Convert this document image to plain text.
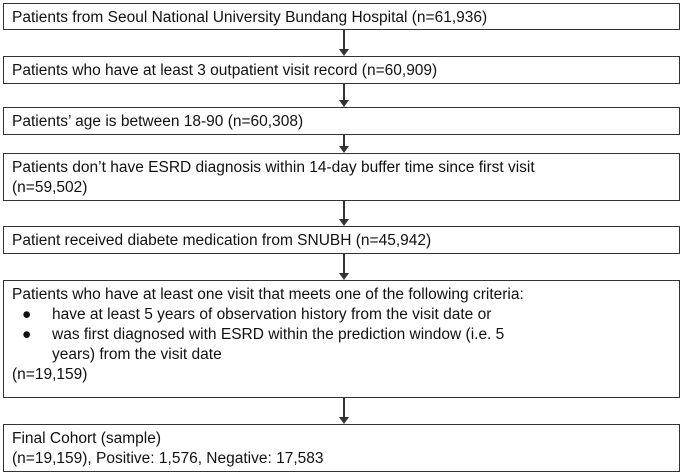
Patients from Seoul National University Bundang Hospital (n=61,936)
Patients who have at least 3 outpatient visit record (n=60,909)
Patients’ age is between 18-90 (n=60,308)
Patients don’t have ESRD diagnosis within 14-day buffer time since first visit
(n=59,502)
Patient received diabete medication from SNUBH (n=45,942)
Patients who have at least one visit that meets one of the following criteria:
●	have at least 5 years of observation history from the visit date or
●	was first diagnosed with ESRD within the prediction window (i.e. 5
years) from the visit date
(n=19,159)
Final Cohort (sample)
(n=19,159), Positive: 1,576, Negative: 17,583
